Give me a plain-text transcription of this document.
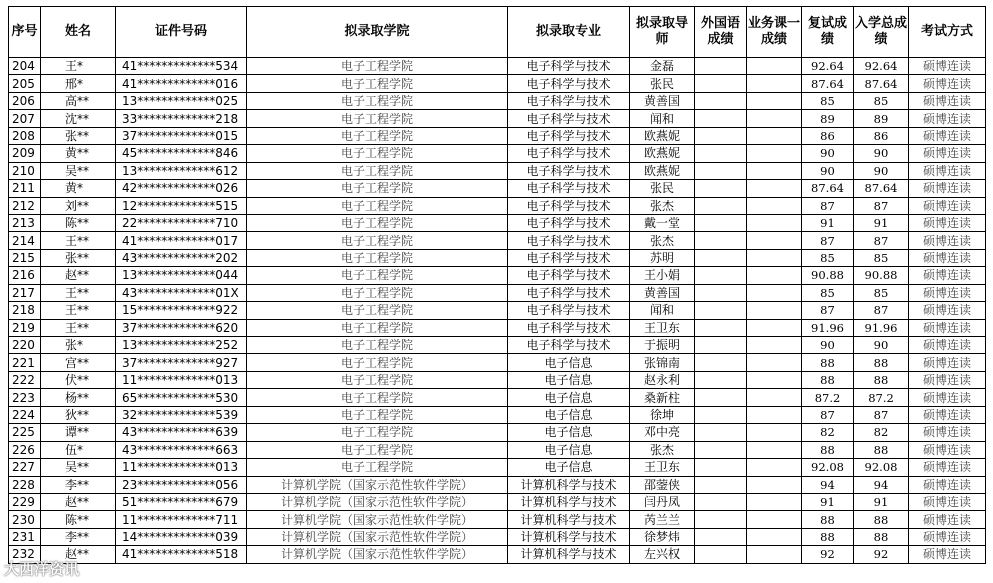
序号	姓名	证件号码	拟录取学院	拟录取专业	拟录取导师	外国语成绩	业务课一成绩	复试成绩	入学总成绩	考试方式
204	王*	41*************534	电子工程学院	电子科学与技术	金磊			92.64	92.64	硕博连读
205	邢*	41*************016	电子工程学院	电子科学与技术	张民			87.64	87.64	硕博连读
206	高**	13*************025	电子工程学院	电子科学与技术	黄善国			85	85	硕博连读
207	沈**	33*************218	电子工程学院	电子科学与技术	闻和			89	89	硕博连读
208	张**	37*************015	电子工程学院	电子科学与技术	欧燕妮			86	86	硕博连读
209	黄**	45*************846	电子工程学院	电子科学与技术	欧燕妮			90	90	硕博连读
210	吴**	13*************612	电子工程学院	电子科学与技术	欧燕妮			90	90	硕博连读
211	黄*	42*************026	电子工程学院	电子科学与技术	张民			87.64	87.64	硕博连读
212	刘**	12*************515	电子工程学院	电子科学与技术	张杰			87	87	硕博连读
213	陈**	22*************710	电子工程学院	电子科学与技术	戴一堂			91	91	硕博连读
214	王**	41*************017	电子工程学院	电子科学与技术	张杰			87	87	硕博连读
215	张**	43*************202	电子工程学院	电子科学与技术	苏明			85	85	硕博连读
216	赵**	13*************044	电子工程学院	电子科学与技术	王小娟			90.88	90.88	硕博连读
217	王**	43*************01X	电子工程学院	电子科学与技术	黄善国			85	85	硕博连读
218	王**	15*************922	电子工程学院	电子科学与技术	闻和			87	87	硕博连读
219	王**	37*************620	电子工程学院	电子科学与技术	王卫东			91.96	91.96	硕博连读
220	张*	13*************252	电子工程学院	电子科学与技术	于振明			90	90	硕博连读
221	宫**	37*************927	电子工程学院	电子信息	张锦南			88	88	硕博连读
222	伏**	11*************013	电子工程学院	电子信息	赵永利			88	88	硕博连读
223	杨**	65*************530	电子工程学院	电子信息	桑新柱			87.2	87.2	硕博连读
224	狄**	32*************539	电子工程学院	电子信息	徐坤			87	87	硕博连读
225	谭**	43*************639	电子工程学院	电子信息	邓中亮			82	82	硕博连读
226	伍*	43*************663	电子工程学院	电子信息	张杰			88	88	硕博连读
227	吴**	11*************013	电子工程学院	电子信息	王卫东			92.08	92.08	硕博连读
228	李**	23*************056	计算机学院（国家示范性软件学院）	计算机科学与技术	邵蓥侠			94	94	硕博连读
229	赵**	51*************679	计算机学院（国家示范性软件学院）	计算机科学与技术	闫丹凤			91	91	硕博连读
230	陈**	11*************711	计算机学院（国家示范性软件学院）	计算机科学与技术	芮兰兰			88	88	硕博连读
231	李**	14*************039	计算机学院（国家示范性软件学院）	计算机科学与技术	徐梦炜			88	88	硕博连读
232	赵**	41*************518	计算机学院（国家示范性软件学院）	计算机科学与技术	左兴权			92	92	硕博连读
大西洋资讯
